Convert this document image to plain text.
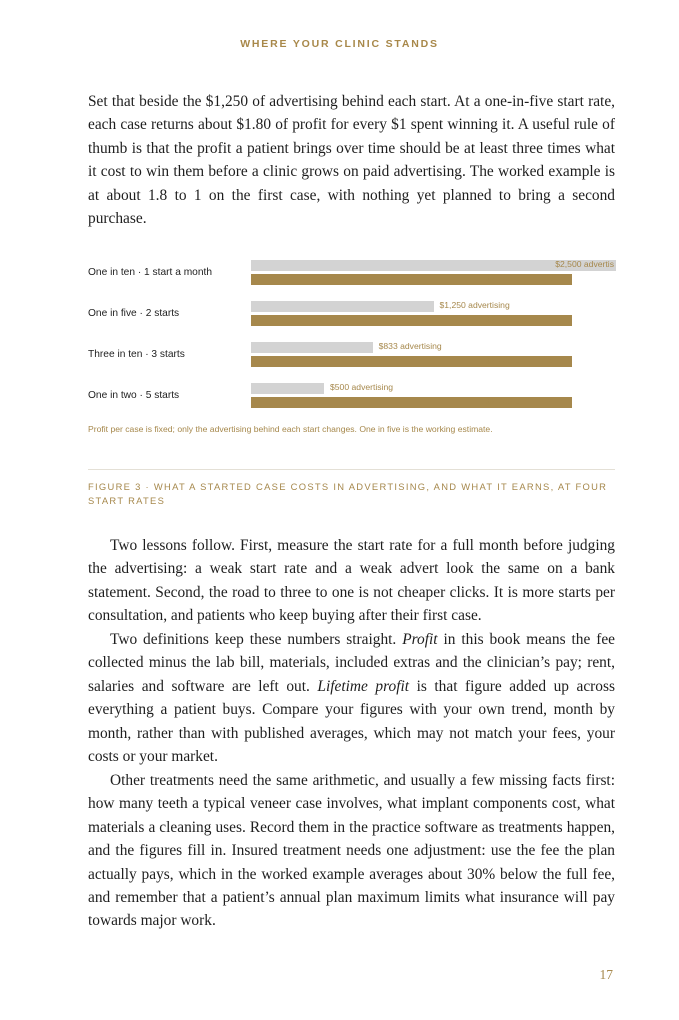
WHERE YOUR CLINIC STANDS

Set that beside the $1,250 of advertising behind each start. At a one-in-five start rate, each case returns about $1.80 of profit for every $1 spent winning it. A useful rule of thumb is that the profit a patient brings over time should be at least three times what it cost to win them before a clinic grows on paid advertising. The worked example is at about 1.8 to 1 on the first case, with nothing yet planned to bring a second purchase.

Profit per case is fixed; only the advertising behind each start changes. One in five is the working estimate.
One in ten · 1 start a month
$2,500 advertis
$2,200 profit · 0.9 to 1
One in five · 2 starts
$1,250 advertising
$2,200 profit · 1.8 to 1
Three in ten · 3 starts
$833 advertising
$2,200 profit · 2.6 to 1
One in two · 5 starts
$500 advertising
$2,200 profit · 4.4 to 1
FIGURE 3 · WHAT A STARTED CASE COSTS IN ADVERTISING, AND WHAT IT EARNS, AT FOUR START RATES

Two lessons follow. First, measure the start rate for a full month before judging the advertising: a weak start rate and a weak advert look the same on a bank statement. Second, the road to three to one is not cheaper clicks. It is more starts per consultation, and patients who keep buying after their first case.

Two definitions keep these numbers straight. Profit in this book means the fee collected minus the lab bill, materials, included extras and the clinician’s pay; rent, salaries and software are left out. Lifetime profit is that figure added up across everything a patient buys. Compare your figures with your own trend, month by month, rather than with published averages, which may not match your fees, your costs or your market.

Other treatments need the same arithmetic, and usually a few missing facts first: how many teeth a typical veneer case involves, what implant components cost, what materials a cleaning uses. Record them in the practice software as treatments happen, and the figures fill in. Insured treatment needs one adjustment: use the fee the plan actually pays, which in the worked example averages about 30% below the full fee, and remember that a patient’s annual plan maximum limits what insurance will pay towards major work.

17
